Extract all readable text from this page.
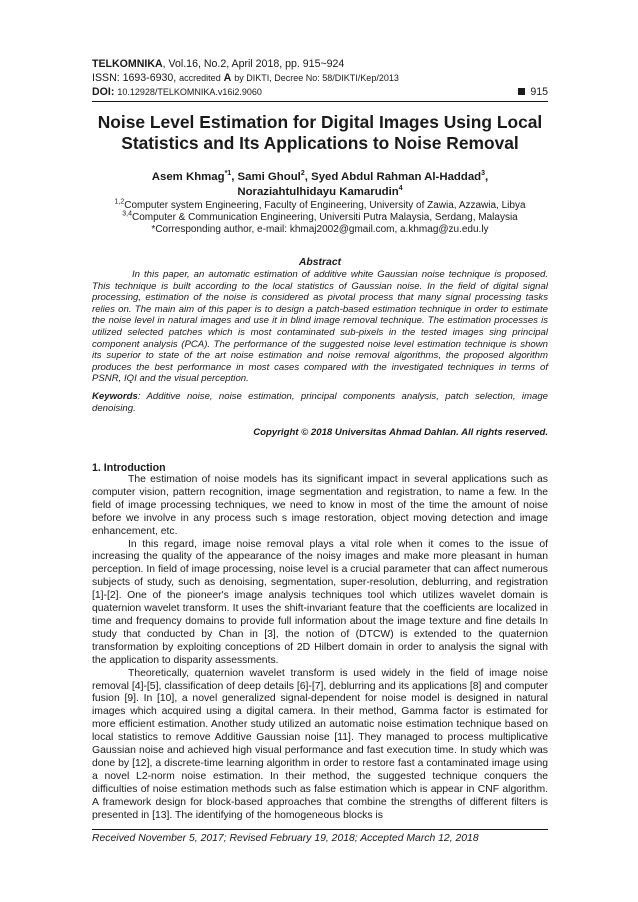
TELKOMNIKA, Vol.16, No.2, April 2018, pp. 915~924
ISSN: 1693-6930, accredited A by DIKTI, Decree No: 58/DIKTI/Kep/2013
DOI: 10.12928/TELKOMNIKA.v16i2.9060	915
Noise Level Estimation for Digital Images Using Local Statistics and Its Applications to Noise Removal
Asem Khmag$^{*1}$, Sami Ghoul$^2$, Syed Abdul Rahman Al-Haddad$^3$,
Noraziahtulhidayu Kamarudin$^4$
$^{1,2}$Computer system Engineering, Faculty of Engineering, University of Zawia, Azzawia, Libya
$^{3,4}$Computer & Communication Engineering, Universiti Putra Malaysia, Serdang, Malaysia
*Corresponding author, e-mail: khmaj2002@gmail.com, a.khmag@zu.edu.ly
Abstract

In this paper, an automatic estimation of additive white Gaussian noise technique is proposed. This technique is built according to the local statistics of Gaussian noise. In the field of digital signal processing, estimation of the noise is considered as pivotal process that many signal processing tasks relies on. The main aim of this paper is to design a patch-based estimation technique in order to estimate the noise level in natural images and use it in blind image removal technique. The estimation processes is utilized selected patches which is most contaminated sub-pixels in the tested images sing principal component analysis (PCA). The performance of the suggested noise level estimation technique is shown its superior to state of the art noise estimation and noise removal algorithms, the proposed algorithm produces the best performance in most cases compared with the investigated techniques in terms of PSNR, IQI and the visual perception.

Keywords: Additive noise, noise estimation, principal components analysis, patch selection, image denoising.
Copyright © 2018 Universitas Ahmad Dahlan. All rights reserved.
1. Introduction

The estimation of noise models has its significant impact in several applications such as computer vision, pattern recognition, image segmentation and registration, to name a few. In the field of image processing techniques, we need to know in most of the time the amount of noise before we involve in any process such s image restoration, object moving detection and image enhancement, etc.

In this regard, image noise removal plays a vital role when it comes to the issue of increasing the quality of the appearance of the noisy images and make more pleasant in human perception. In field of image processing, noise level is a crucial parameter that can affect numerous subjects of study, such as denoising, segmentation, super-resolution, deblurring, and registration [1]-[2]. One of the pioneer's image analysis techniques tool which utilizes wavelet domain is quaternion wavelet transform. It uses the shift-invariant feature that the coefficients are localized in time and frequency domains to provide full information about the image texture and fine details In study that conducted by Chan in [3], the notion of (DTCW) is extended to the quaternion transformation by exploiting conceptions of 2D Hilbert domain in order to analysis the signal with the application to disparity assessments.

Theoretically, quaternion wavelet transform is used widely in the field of image noise removal [4]-[5], classification of deep details [6]-[7], deblurring and its applications [8] and computer fusion [9]. In [10], a novel generalized signal-dependent for noise model is designed in natural images which acquired using a digital camera. In their method, Gamma factor is estimated for more efficient estimation. Another study utilized an automatic noise estimation technique based on local statistics to remove Additive Gaussian noise [11]. They managed to process multiplicative Gaussian noise and achieved high visual performance and fast execution time. In study which was done by [12], a discrete-time learning algorithm in order to restore fast a contaminated image using a novel L2-norm noise estimation. In their method, the suggested technique conquers the difficulties of noise estimation methods such as false estimation which is appear in CNF algorithm. A framework design for block-based approaches that combine the strengths of different filters is presented in [13]. The identifying of the homogeneous blocks is

Received November 5, 2017; Revised February 19, 2018; Accepted March 12, 2018
